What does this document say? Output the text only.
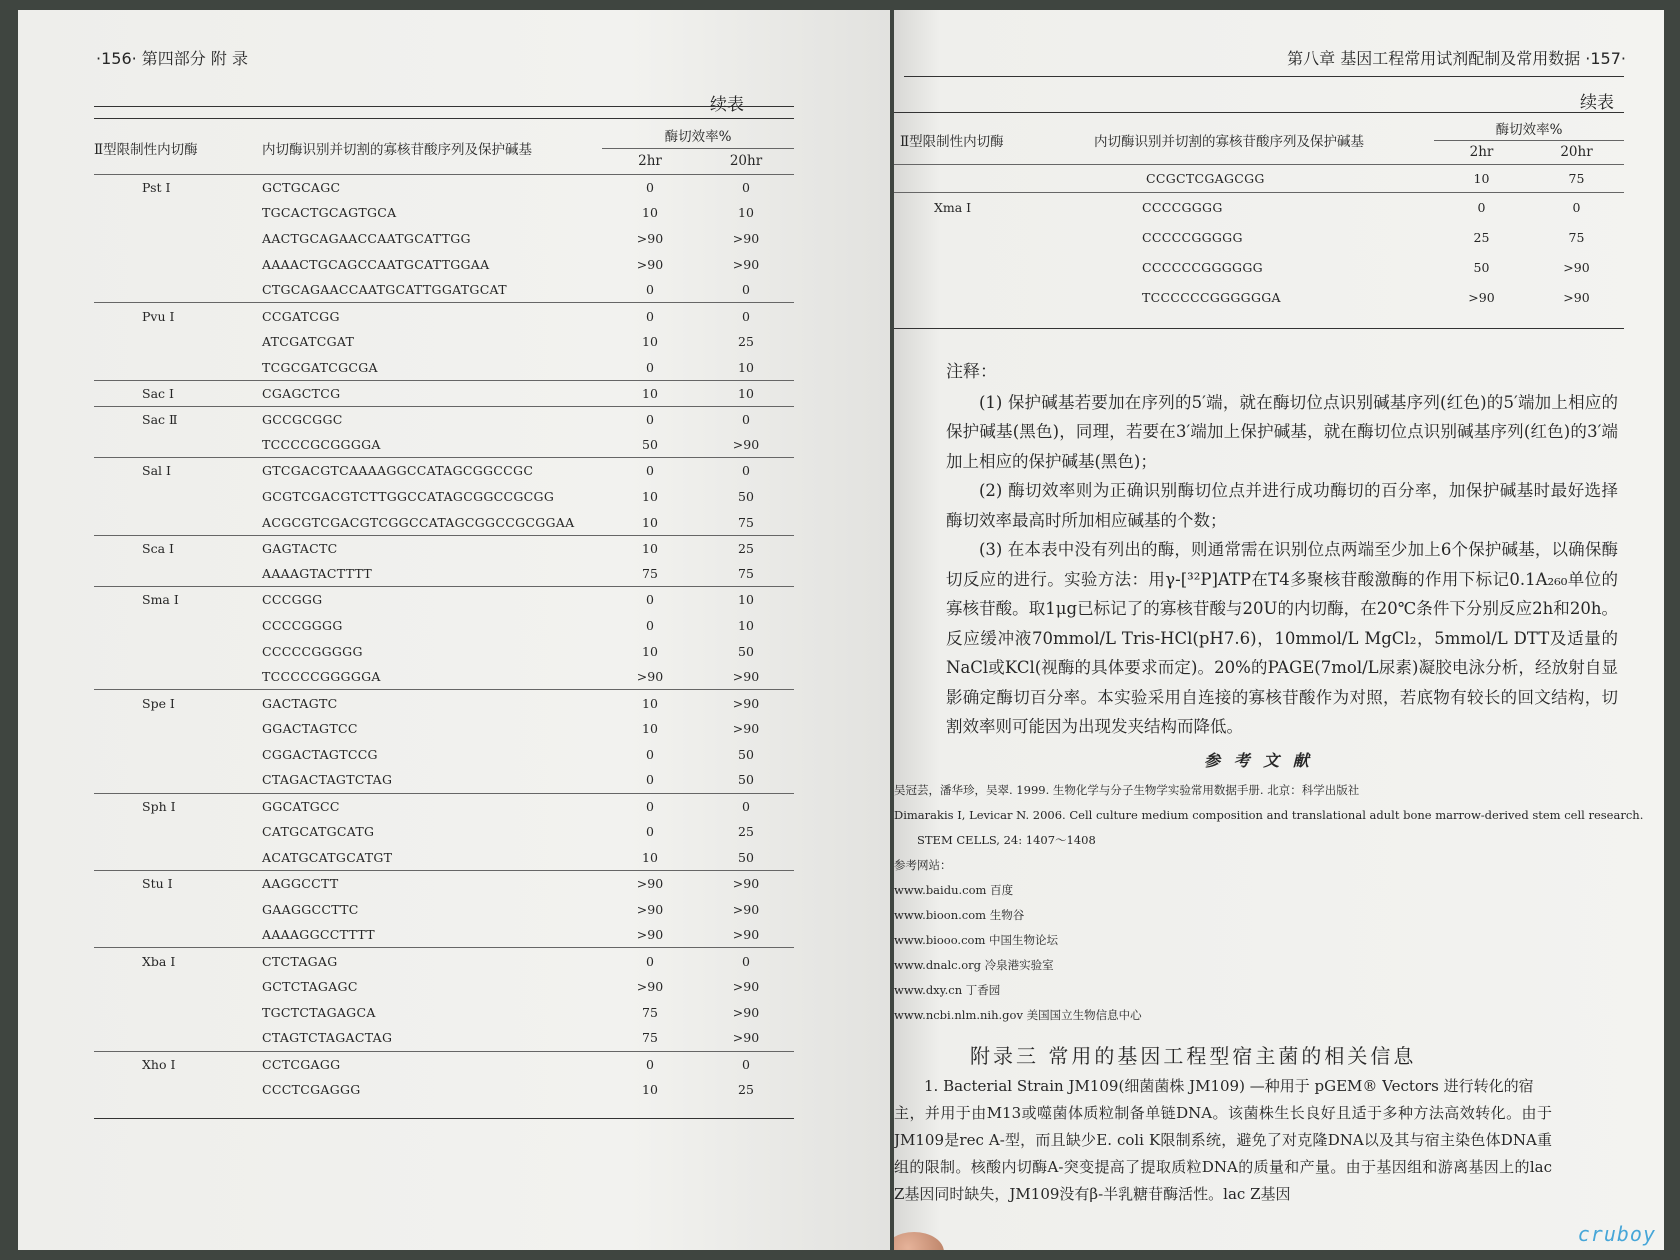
·156· 第四部分 附 录
续表
Ⅱ型限制性内切酶	内切酶识别并切割的寡核苷酸序列及保护碱基	酶切效率%	
		2hr	20hr
Pst Ⅰ	GCTGCAGC	0	0
	TGCACTGCAGTGCA	10	10
	AACTGCAGAACCAATGCATTGG	>90	>90
	AAAACTGCAGCCAATGCATTGGAA	>90	>90
	CTGCAGAACCAATGCATTGGATGCAT	0	0
Pvu Ⅰ	CCGATCGG	0	0
	ATCGATCGAT	10	25
	TCGCGATCGCGA	0	10
Sac Ⅰ	CGAGCTCG	10	10
Sac Ⅱ	GCCGCGGC	0	0
	TCCCCGCGGGGA	50	>90
Sal Ⅰ	GTCGACGTCAAAAGGCCATAGCGGCCGC	0	0
	GCGTCGACGTCTTGGCCATAGCGGCCGCGG	10	50
	ACGCGTCGACGTCGGCCATAGCGGCCGCGGAA	10	75
Sca Ⅰ	GAGTACTC	10	25
	AAAAGTACTTTT	75	75
Sma Ⅰ	CCCGGG	0	10
	CCCCGGGG	0	10
	CCCCCGGGGG	10	50
	TCCCCCGGGGGA	>90	>90
Spe Ⅰ	GACTAGTC	10	>90
	GGACTAGTCC	10	>90
	CGGACTAGTCCG	0	50
	CTAGACTAGTCTAG	0	50
Sph Ⅰ	GGCATGCC	0	0
	CATGCATGCATG	0	25
	ACATGCATGCATGT	10	50
Stu Ⅰ	AAGGCCTT	>90	>90
	GAAGGCCTTC	>90	>90
	AAAAGGCCTTTT	>90	>90
Xba Ⅰ	CTCTAGAG	0	0
	GCTCTAGAGC	>90	>90
	TGCTCTAGAGCA	75	>90
	CTAGTCTAGACTAG	75	>90
Xho Ⅰ	CCTCGAGG	0	0
	CCCTCGAGGG	10	25
第八章 基因工程常用试剂配制及常用数据 ·157·
续表
Ⅱ型限制性内切酶	内切酶识别并切割的寡核苷酸序列及保护碱基	酶切效率%	
		2hr	20hr
	CCGCTCGAGCGG	10	75
Xma Ⅰ	CCCCGGGG	0	0
	CCCCCGGGGG	25	75
	CCCCCCGGGGGG	50	>90
	TCCCCCCGGGGGGA	>90	>90

注释：

(1) 保护碱基若要加在序列的5′端，就在酶切位点识别碱基序列(红色)的5′端加上相应的保护碱基(黑色)，同理，若要在3′端加上保护碱基，就在酶切位点识别碱基序列(红色)的3′端加上相应的保护碱基(黑色)；

(2) 酶切效率则为正确识别酶切位点并进行成功酶切的百分率，加保护碱基时最好选择酶切效率最高时所加相应碱基的个数；

(3) 在本表中没有列出的酶，则通常需在识别位点两端至少加上6个保护碱基，以确保酶切反应的进行。实验方法：用γ-[³²P]ATP在T4多聚核苷酸激酶的作用下标记0.1A₂₆₀单位的寡核苷酸。取1μg已标记了的寡核苷酸与20U的内切酶，在20℃条件下分别反应2h和20h。反应缓冲液70mmol/L Tris-HCl(pH7.6)，10mmol/L MgCl₂，5mmol/L DTT及适量的NaCl或KCl(视酶的具体要求而定)。20%的PAGE(7mol/L尿素)凝胶电泳分析，经放射自显影确定酶切百分率。本实验采用自连接的寡核苷酸作为对照，若底物有较长的回文结构，切割效率则可能因为出现发夹结构而降低。

参 考 文 献
吴冠芸，潘华珍，吴翠. 1999. 生物化学与分子生物学实验常用数据手册. 北京：科学出版社
Dimarakis I, Levicar N. 2006. Cell culture medium composition and translational adult bone marrow-derived stem cell research.
STEM CELLS, 24: 1407～1408
参考网站：
www.baidu.com 百度
www.bioon.com 生物谷
www.biooo.com 中国生物论坛
www.dnalc.org 冷泉港实验室
www.dxy.cn 丁香园
www.ncbi.nlm.nih.gov 美国国立生物信息中心
附录三 常用的基因工程型宿主菌的相关信息

1. Bacterial Strain JM109(细菌菌株 JM109) —种用于 pGEM® Vectors 进行转化的宿

主，并用于由M13或噬菌体质粒制备单链DNA。该菌株生长良好且适于多种方法高效转化。由于JM109是rec A-型，而且缺少E. coli K限制系统，避免了对克隆DNA以及其与宿主染色体DNA重组的限制。核酸内切酶A-突变提高了提取质粒DNA的质量和产量。由于基因组和游离基因上的lac Z基因同时缺失，JM109没有β-半乳糖苷酶活性。lac Z基因

cruboy
